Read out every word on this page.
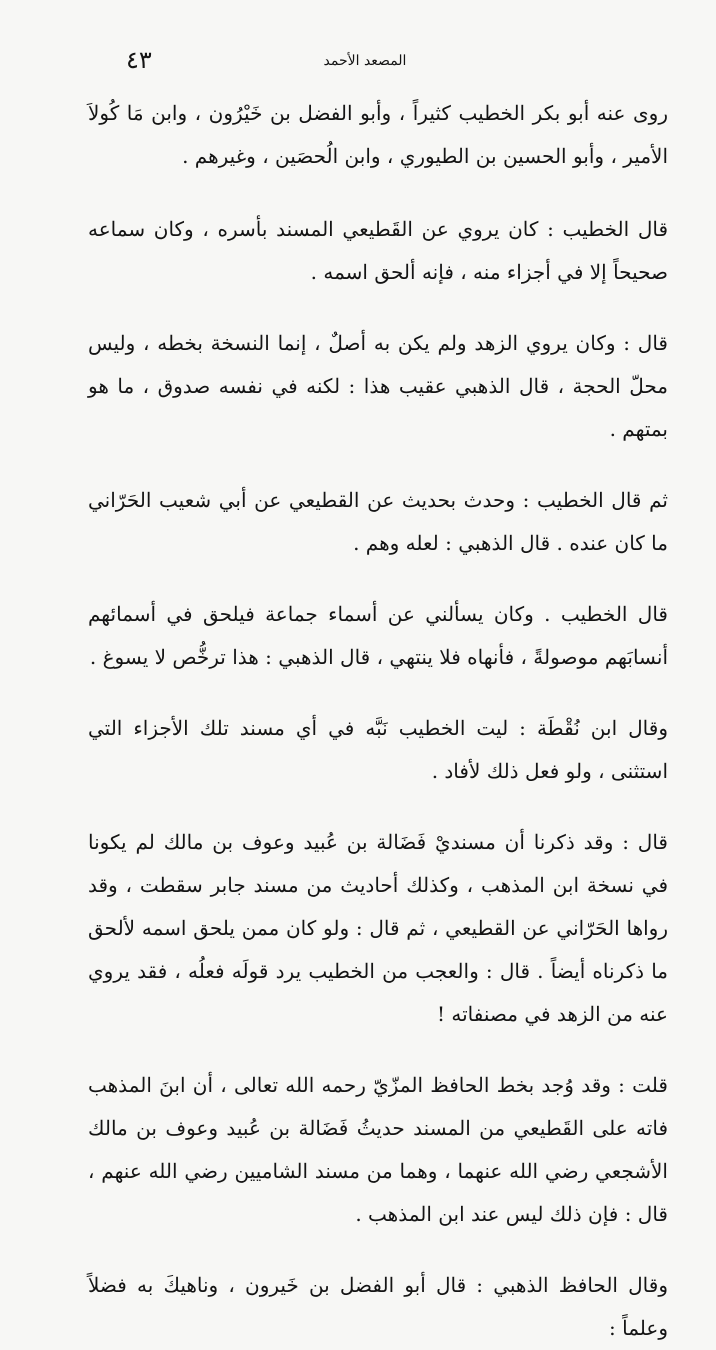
٤٣	المصعد الأحمد

روى عنه أبو بكر الخطيب كثيراً ، وأبو الفضل بن خَيْرُون ، وابن مَا كُولاَ الأمير ، وأبو الحسين بن الطيوري ، وابن الُحصَين ، وغيرهم .

قال الخطيب : كان يروي عن القَطيعي المسند بأسره ، وكان سماعه صحيحاً إلا في أجزاء منه ، فإنه ألحق اسمه .

قال : وكان يروي الزهد ولم يكن به أصلٌ ، إنما النسخة بخطه ، وليس محلّ الحجة ، قال الذهبي عقيب هذا : لكنه في نفسه صدوق ، ما هو بمتهم .

ثم قال الخطيب : وحدث بحديث عن القطيعي عن أبي شعيب الحَرّاني ما كان عنده . قال الذهبي : لعله وهم .

قال الخطيب . وكان يسألني عن أسماء جماعة فيلحق في أسمائهم أنسابَهم موصولةً ، فأنهاه فلا ينتهي ، قال الذهبي : هذا ترخُّص لا يسوغ .

وقال ابن نُقْطَة : ليت الخطيب نَبَّه في أي مسند تلك الأجزاء التي استثنى ، ولو فعل ذلك لأفاد .

قال : وقد ذكرنا أن مسنديْ فَضَالة بن عُبيد وعوف بن مالك لم يكونا في نسخة ابن المذهب ، وكذلك أحاديث من مسند جابر سقطت ، وقد رواها الحَرّاني عن القطيعي ، ثم قال : ولو كان ممن يلحق اسمه لألحق ما ذكرناه أيضاً . قال : والعجب من الخطيب يرد قولَه فعلُه ، فقد يروي عنه من الزهد في مصنفاته !

قلت : وقد وُجد بخط الحافظ المزّيّ رحمه الله تعالى ، أن ابنَ المذهب فاته على القَطيعي من المسند حديثُ فَضَالة بن عُبيد وعوف بن مالك الأشجعي رضي الله عنهما ، وهما من مسند الشاميين رضي الله عنهم ، قال : فإن ذلك ليس عند ابن المذهب .

وقال الحافظ الذهبي : قال أبو الفضل بن خَيرون ، وناهيكَ به فضلاً وعلماً :
